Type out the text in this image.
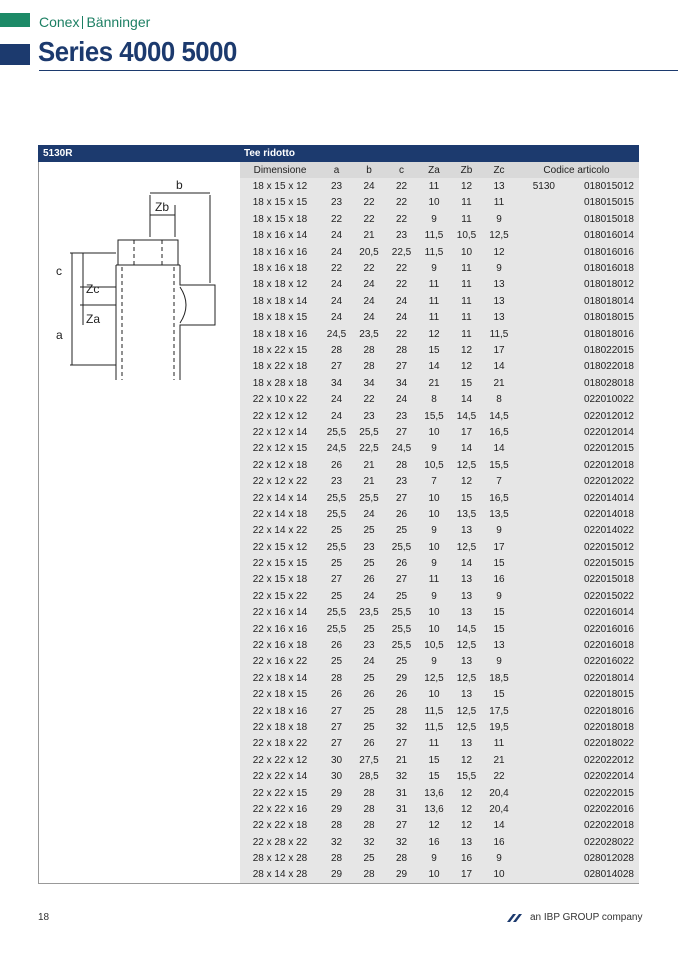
Conex Bänninger
Series 4000 5000
5130R	Tee ridotto
b
Zb
c
Zc
Za
a
Dimensione	a	b	c	Za	Zb	Zc	Codice articolo
18 x 15 x 12	23	24	22	11	12	13	5130	018015012
18 x 15 x 15	23	22	22	10	11	11	018015015
18 x 15 x 18	22	22	22	9	11	9	018015018
18 x 16 x 14	24	21	23	11,5	10,5	12,5	018016014
18 x 16 x 16	24	20,5	22,5	11,5	10	12	018016016
18 x 16 x 18	22	22	22	9	11	9	018016018
18 x 18 x 12	24	24	22	11	11	13	018018012
18 x 18 x 14	24	24	24	11	11	13	018018014
18 x 18 x 15	24	24	24	11	11	13	018018015
18 x 18 x 16	24,5	23,5	22	12	11	11,5	018018016
18 x 22 x 15	28	28	28	15	12	17	018022015
18 x 22 x 18	27	28	27	14	12	14	018022018
18 x 28 x 18	34	34	34	21	15	21	018028018
22 x 10 x 22	24	22	24	8	14	8	022010022
22 x 12 x 12	24	23	23	15,5	14,5	14,5	022012012
22 x 12 x 14	25,5	25,5	27	10	17	16,5	022012014
22 x 12 x 15	24,5	22,5	24,5	9	14	14	022012015
22 x 12 x 18	26	21	28	10,5	12,5	15,5	022012018
22 x 12 x 22	23	21	23	7	12	7	022012022
22 x 14 x 14	25,5	25,5	27	10	15	16,5	022014014
22 x 14 x 18	25,5	24	26	10	13,5	13,5	022014018
22 x 14 x 22	25	25	25	9	13	9	022014022
22 x 15 x 12	25,5	23	25,5	10	12,5	17	022015012
22 x 15 x 15	25	25	26	9	14	15	022015015
22 x 15 x 18	27	26	27	11	13	16	022015018
22 x 15 x 22	25	24	25	9	13	9	022015022
22 x 16 x 14	25,5	23,5	25,5	10	13	15	022016014
22 x 16 x 16	25,5	25	25,5	10	14,5	15	022016016
22 x 16 x 18	26	23	25,5	10,5	12,5	13	022016018
22 x 16 x 22	25	24	25	9	13	9	022016022
22 x 18 x 14	28	25	29	12,5	12,5	18,5	022018014
22 x 18 x 15	26	26	26	10	13	15	022018015
22 x 18 x 16	27	25	28	11,5	12,5	17,5	022018016
22 x 18 x 18	27	25	32	11,5	12,5	19,5	022018018
22 x 18 x 22	27	26	27	11	13	11	022018022
22 x 22 x 12	30	27,5	21	15	12	21	022022012
22 x 22 x 14	30	28,5	32	15	15,5	22	022022014
22 x 22 x 15	29	28	31	13,6	12	20,4	022022015
22 x 22 x 16	29	28	31	13,6	12	20,4	022022016
22 x 22 x 18	28	28	27	12	12	14	022022018
22 x 28 x 22	32	32	32	16	13	16	022028022
28 x 12 x 28	28	25	28	9	16	9	028012028
28 x 14 x 28	29	28	29	10	17	10	028014028
18	an IBP GROUP company
